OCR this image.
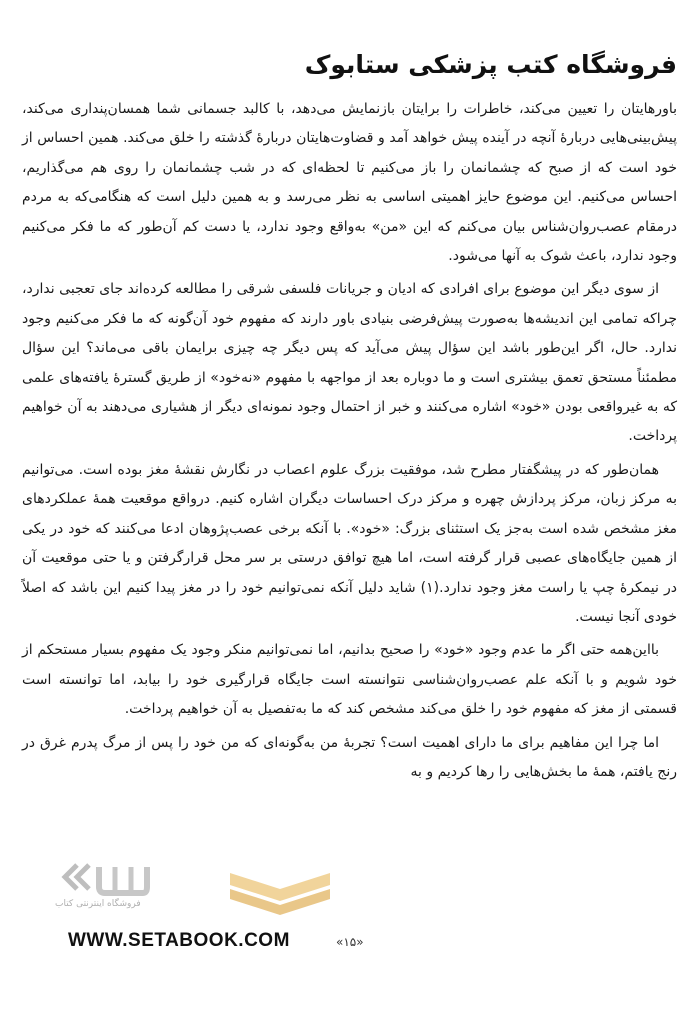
فروشگاه کتب پزشکی ستابوک

باورهایتان را تعیین می‌کند، خاطرات را برایتان بازنمایش می‌دهد، با کالبد جسمانی شما همسان‌پنداری می‌کند، پیش‌بینی‌هایی دربارهٔ آنچه در آینده پیش خواهد آمد و قضاوت‌هایتان دربارهٔ گذشته را خلق می‌کند. همین احساس از خود است که از صبح که چشمانمان را باز می‌کنیم تا لحظه‌ای که در شب چشمانمان را روی هم می‌گذاریم، احساس می‌کنیم. این موضوع حایز اهمیتی اساسی به نظر می‌رسد و به همین دلیل است که هنگامی‌که به مردم درمقام عصب‌روان‌شناس بیان می‌کنم که این «من» به‌واقع وجود ندارد، یا دست کم آن‌طور که ما فکر می‌کنیم وجود ندارد، باعث شوک به آنها می‌شود.

از سوی دیگر این موضوع برای افرادی که ادیان و جریانات فلسفی شرقی را مطالعه کرده‌اند جای تعجبی ندارد، چراکه تمامی این اندیشه‌ها به‌صورت پیش‌فرضی بنیادی باور دارند که مفهوم خود آن‌گونه که ما فکر می‌کنیم وجود ندارد. حال، اگر این‌طور باشد این سؤال پیش می‌آید که پس دیگر چه چیزی برایمان باقی می‌ماند؟ این سؤال مطمئناً مستحق تعمق بیشتری است و ما دوباره بعد از مواجهه با مفهوم «نه‌خود» از طریق گسترهٔ یافته‌های علمی که به غیرواقعی بودن «خود» اشاره می‌کنند و خبر از احتمال وجود نمونه‌ای دیگر از هشیاری می‌دهند به آن خواهیم پرداخت.

همان‌طور که در پیشگفتار مطرح شد، موفقیت بزرگ علوم اعصاب در نگارش نقشهٔ مغز بوده است. می‌توانیم به مرکز زبان، مرکز پردازش چهره و مرکز درک احساسات دیگران اشاره کنیم. درواقع موقعیت همهٔ عملکردهای مغز مشخص شده است به‌جز یک استثنای بزرگ: «خود». با آنکه برخی عصب‌پژوهان ادعا می‌کنند که خود در یکی از همین جایگاه‌های عصبی قرار گرفته است، اما هیچ توافق درستی بر سر محل قرارگرفتن و یا حتی موقعیت آن در نیمکرهٔ چپ یا راست مغز وجود ندارد.(۱) شاید دلیل آنکه نمی‌توانیم خود را در مغز پیدا کنیم این باشد که اصلاً خودی آنجا نیست.

بااین‌همه حتی اگر ما عدم وجود «خود» را صحیح بدانیم، اما نمی‌توانیم منکر وجود یک مفهوم بسیار مستحکم از خود شویم و با آنکه علم عصب‌روان‌شناسی نتوانسته است جایگاه قرارگیری خود را بیابد، اما توانسته است قسمتی از مغز که مفهوم خود را خلق می‌کند مشخص کند که ما به‌تفصیل به آن خواهیم پرداخت.

اما چرا این مفاهیم برای ما دارای اهمیت است؟ تجربهٔ من به‌گونه‌ای که من خود را پس از مرگ پدرم غرق در رنج یافتم، همهٔ ما بخش‌هایی را رها کردیم و به

فروشگاه اینترنتی کتاب
WWW.SETABOOK.COM	«۱۵»
